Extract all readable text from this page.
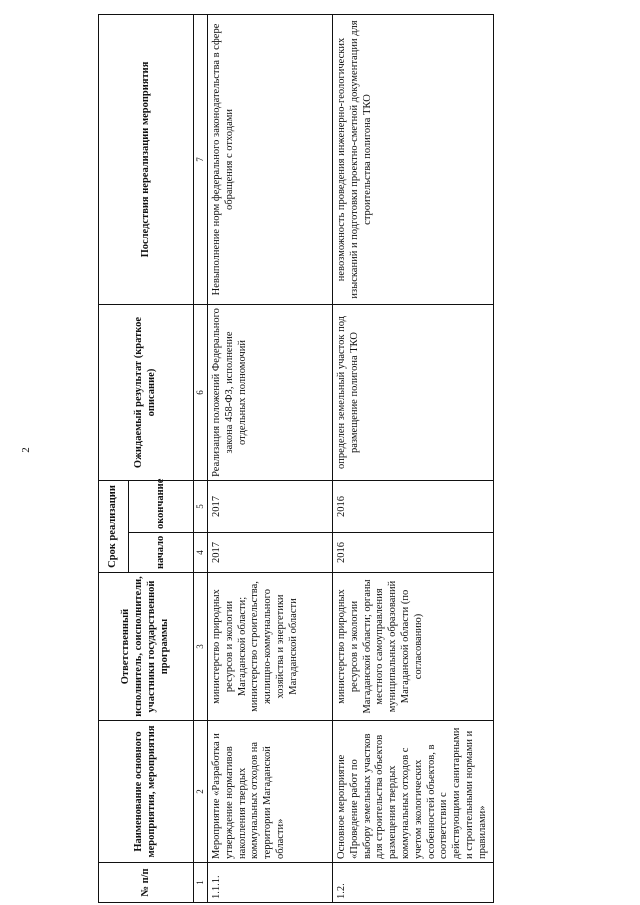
2
№ п/п	Наименование основного мероприятия, мероприятия	Ответственный исполнитель, соисполнители, участники государственной программы	Срок реализации		Ожидаемый результат (краткое описание)	Последствия нереализации мероприятия
			начало	окончание		
1	2	3	4	5	6	7
1.1.1.	Мероприятие «Разработка и утверждение нормативов накопления твердых коммунальных отходов на территории Магаданской области»	министерство природных ресурсов и экологии Магаданской области; министерство строительства, жилищно-коммунального хозяйства и энергетики Магаданской области	2017	2017	Реализация положений Федерального закона 458-ФЗ, исполнение отдельных полномочий	Невыполнение норм федерального законодательства в сфере обращения с отходами
1.2.	Основное мероприятие «Проведение работ по выбору земельных участков для строительства объектов размещения твердых коммунальных отходов с учетом экологических особенностей объектов, в соответствии с действующими санитарными и строительными нормами и правилами»	министерство природных ресурсов и экологии Магаданской области; органы местного самоуправления муниципальных образований Магаданской области (по согласованию)	2016	2016	определен земельный участок под размещение полигона ТКО	невозможность проведения инженерно-геологических изысканий и подготовки проектно-сметной документации для строительства полигона ТКО
